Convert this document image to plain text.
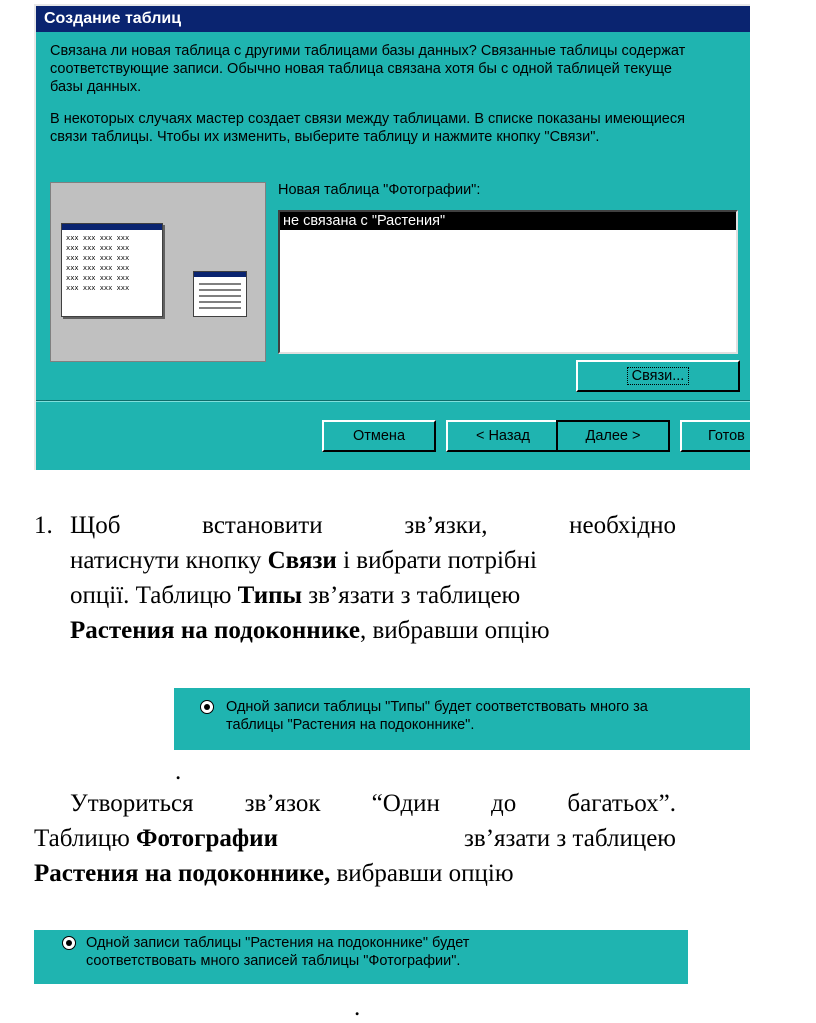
Создание таблиц
Связана ли новая таблица с другими таблицами базы данных? Связанные таблицы содержат
соответствующие записи. Обычно новая таблица связана хотя бы с одной таблицей текуще
базы данных.
В некоторых случаях мастер создает связи между таблицами. В списке показаны имеющиеся
связи таблицы. Чтобы их изменить, выберите таблицу и нажмите кнопку "Связи".
ххх ххх ххх ххх
ххх ххх ххх ххх
ххх ххх ххх ххх
ххх ххх ххх ххх
ххх ххх ххх ххх
ххх ххх ххх ххх
Новая таблица "Фотографии":
не связана с "Растения"
Связи...
Отмена	< Назад	Далее >	Готов
1. Щоб	встановити	зв’язки,	необхідно
натиснути кнопку Связи і вибрати потрібні
опції. Таблицю Типы зв’язати з таблицею
Растения на подоконнике, вибравши опцію
Одной записи таблицы "Типы" будет соответствовать много за
таблицы "Растения на подоконнике".
.
Утвориться зв’язок “Один до багатьох”.
Таблицю Фотографии	зв’язати з таблицею
Растения на подоконнике, вибравши опцію
Одной записи таблицы "Растения на подоконнике" будет
соответствовать много записей таблицы "Фотографии".
.
